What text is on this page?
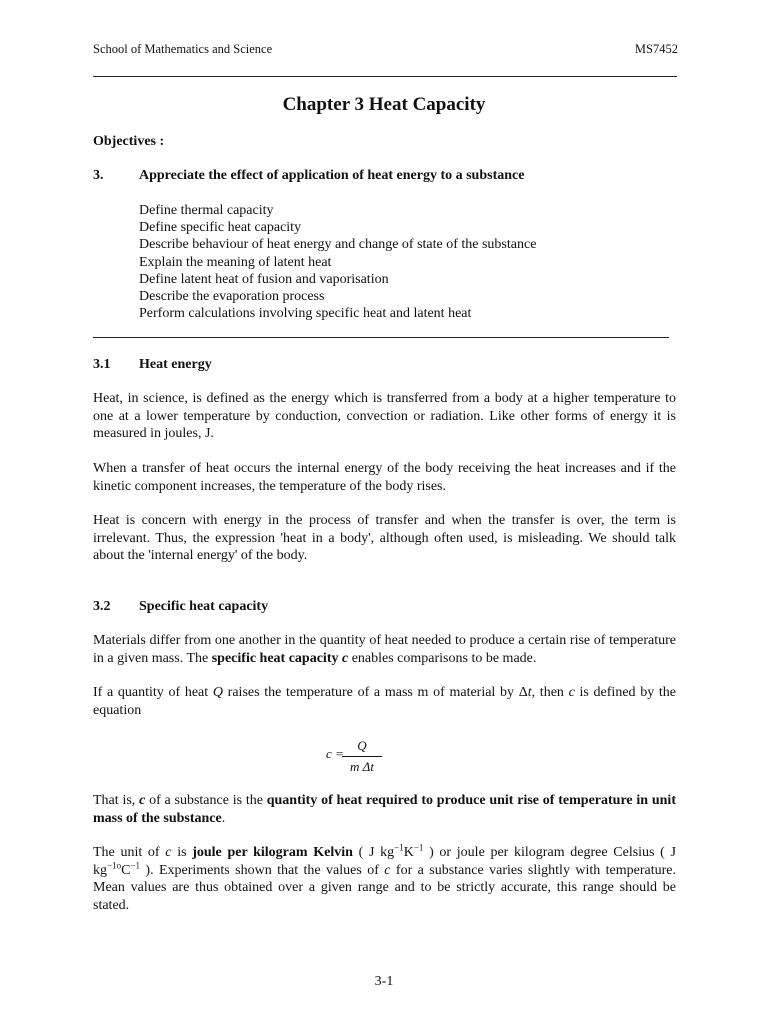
School of Mathematics and Science	MS7452
Chapter 3 Heat Capacity
Objectives :
3.	Appreciate the effect of application of heat energy to a substance
Define thermal capacity
Define specific heat capacity
Describe behaviour of heat energy and change of state of the substance
Explain the meaning of latent heat
Define latent heat of fusion and vaporisation
Describe the evaporation process
Perform calculations involving specific heat and latent heat
3.1 Heat energy
Heat, in science, is defined as the energy which is transferred from a body at a higher temperature to one at a lower temperature by conduction, convection or radiation. Like other forms of energy it is measured in joules, J.
When a transfer of heat occurs the internal energy of the body receiving the heat increases and if the kinetic component increases, the temperature of the body rises.
Heat is concern with energy in the process of transfer and when the transfer is over, the term is irrelevant. Thus, the expression 'heat in a body', although often used, is misleading. We should talk about the 'internal energy' of the body.
3.2 Specific heat capacity
Materials differ from one another in the quantity of heat needed to produce a certain rise of temperature in a given mass. The specific heat capacity c enables comparisons to be made.
If a quantity of heat Q raises the temperature of a mass m of material by Δt, then c is defined by the equation
c =
Q
m Δt
That is, c of a substance is the quantity of heat required to produce unit rise of temperature in unit mass of the substance.
The unit of c is joule per kilogram Kelvin ( J $kg^{-1}K^{-1}$ ) or joule per kilogram degree Celsius ( J $kg^{-1o}C^{-1}$ ). Experiments shown that the values of c for a substance varies slightly with temperature. Mean values are thus obtained over a given range and to be strictly accurate, this range should be stated.
3-1
